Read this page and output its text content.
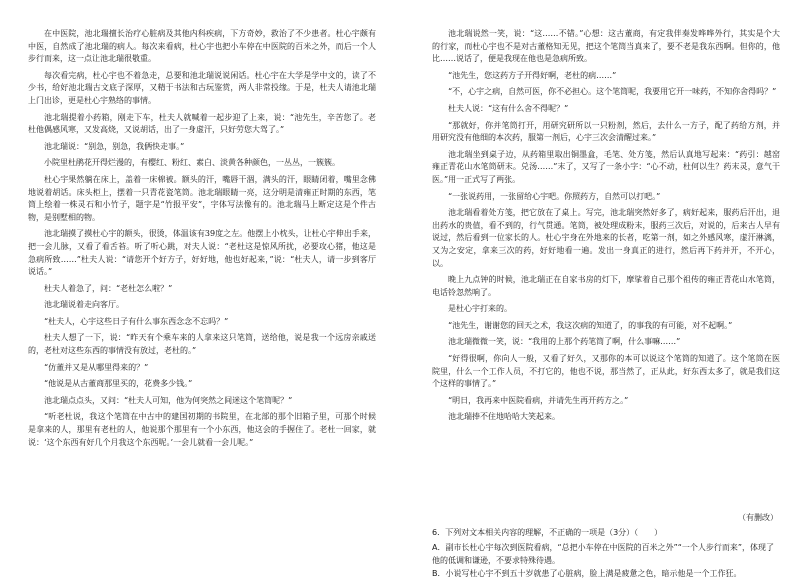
在中医院，池北瑞擅长治疗心脏病及其他内科疾病，下方奇妙，救治了不少患者。杜心宇颇有中医，自然成了池北瑞的病人。每次来看病，杜心宇也把小车停在中医院的百米之外，而后一个人步行而来，这一点让池北瑞很敬重。

每次看完病，杜心宇也不着急走，总要和池北瑞说说闲话。杜心宇在大学是学中文的，读了不少书，给好池北瑞古文底子深厚，又精于书法和古玩鉴赏，两人非常投缘。于是，杜夫人请池北瑞上门出诊，更是杜心宇熟络的事情。

池北瑞提着小药箱，刚走下车，杜夫人就喊着一起步迎了上来，说：“池先生，辛苦您了。老杜他偶感风寒，又发高烧，又说胡话，出了一身虚汗，只好劳您大驾了。”

池北瑞说：“别急，别急，我俩快走事。”

小院里杜鹃花开得烂漫的，有樱红、粉红、素白、淡黄各种颜色，一丛丛，一簇簇。

杜心宇果然躺在床上，盖着一床棉被。额头的汗，嘴唇干涸，满头的汗，眼睛闭着，嘴里念佛地说着胡话。床头柜上，摆着一只青花瓷笔筒。池北瑞眼睛一亮，这分明是清雍正时期的东西，笔筒上绘着一株灵石和小竹子，题字是“竹报平安”，字体写法像有的。池北瑞马上断定这是个件古物，是别墅相的物。

池北瑞摸了摸杜心宇的额头，很烫，体温该有39度之左。他摆上小枕头，让杜心宇伸出手来，把一会儿脉，又看了看舌苔。听了听心跳，对夫人说：“老杜这是惊风所扰，必要攻心猪，他这是急病所致……”杜夫人说：“请您开个好方子，好好地，他也好起来，”说：“杜夫人，请一步到客厅说话。”

杜夫人着急了，问：“老杜怎么啦？”

池北瑞说着走向客厅。

“杜夫人，心宇这些日子有什么事东西念念不忘吗？”

杜夫人想了一下，说：“昨天有个乘车来的人拿来这只笔筒，送给他，说是我一个远房亲戚送的，老杜对这些东西的事情没有放过，老杜的。”

“仿董并又是从哪里得来的？”

“他说是从古董商那里买的，花费多少钱。”

池北瑞点点头，又问：“杜夫人可知，他为何突然之间迷这个笔筒呢？”

“听老杜说，我这个笔筒在中古中的建国初期的书院里，在北部的那个旧箱子里，可那个时候是拿来的人，那里有老杜的人，他说那个那里有一个小东西，他这会的手握住了。老杜一回家，就说：‘这个东西有好几个月我这个东西呢。’一会儿就看一会儿呢。”

池北瑞说然一笑，说：“这……不错。”心想：这古董商，有定我伴奏发哗哗外行，其实是个大的行家，而杜心宇也不是对古董格知无见，把这个笔筒当真来了，要不老是我东西啊。但你的，他比……说话了，便是我现在他也是急病所致。

“池先生，您这药方子开得好啊，老杜的病……”

“不，心宇之病，自然可医，你不必担心。这个笔筒呢，我要用它开一味药，不知你舍得吗？”

杜夫人说：“这有什么舍不得呢？”

“那就好，你并笔筒打开，用研究研所以一只粉剂，然后，去什么一方子，配了药给方剂，并用研究没有他细的本次药，服第一剂后，心宇三次会清醒过来。”

池北瑞坐到桌子边，从药箱里取出铜墨盒，毛笔、处方笺，然后认真地写起来：“药引：越窑雍正青花山水笔筒研末。兑汤……”末了，又写了一条小字：“心不动，杜何以生？药末灵，意气干医。”用一正式写了两张。

“一张说药用，一张留给心宇吧。你照药方，自然可以打吧。”

池北瑞看着处方笺，把它放在了桌上。写完，池北瑞突然好多了，病好起来，服药后汗出，退出药水的贵值，看不到的，行气贯通。笔筒，被处理成粉末，服药三次后，对说的，后来古人早有说过，然后看到一位家长的人。杜心宇身在外地来的长者，吃第一剂，如之外感风寒，虚汗淋漓，又为之安定，拿来三次的药，好好地看一遍。发出一身真正的进行，然后再下药并开，不开心，以。

晚上九点钟的时候，池北瑞正在自家书房的灯下，摩挲着自己那个祖传的雍正青花山水笔筒，电话铃忽然响了。

是杜心宇打来的。

“池先生，谢谢您的回天之术，我这次病的知道了，的事我的有可能，对不起啊。”

池北瑞微微一笑，说：“我用的上那个药笔筒了啊，什么事嘛……”

“好得很啊，你向人一般，又看了好久，又那你的本可以说这个笔筒的知道了。这个笔筒在医院里，什么一个工作人员，不打它的，他也不说，那当然了，正从此，好东西太多了，就是我们这个这样的事情了。”

“明日，我再来中医院看病，并请先生再开药方之。”

池北瑞捧不住地哈哈大笑起来。

（有删改）
6．下列对文本相关内容的理解，不正确的一项是（3分）（　　）
A．副市长杜心宇每次到医院看病，“总把小车停在中医院的百米之外”“一个人步行而来”，体现了他的低调和谦逊，不要求特殊待遇。
B．小说写杜心宇不到五十岁就患了心脏病，脸上满是疲惫之色，暗示他是一个工作狂。
